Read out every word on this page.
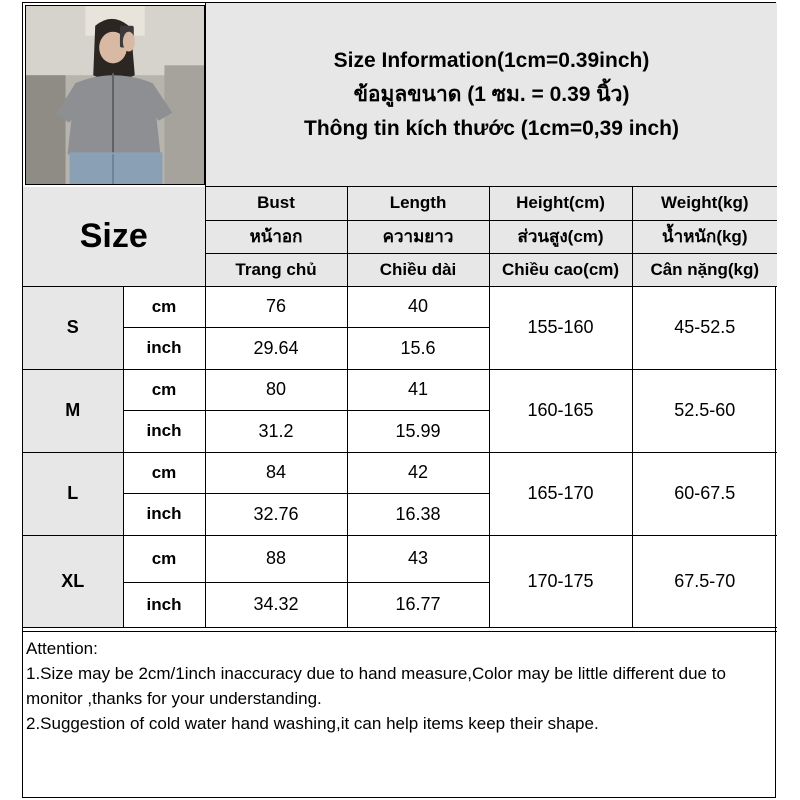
Size Information(1cm=0.39inch)
ข้อมูลขนาด (1 ซม. = 0.39 นิ้ว)
Thông tin kích thước (1cm=0,39 inch)
Size		Bust	Length	Height(cm)	Weight(kg)
		หน้าอก	ความยาว	ส่วนสูง(cm)	น้ำหนัก(kg)
		Trang chủ	Chiều dài	Chiều cao(cm)	Cân nặng(kg)
S	cm	76	40	155-160	45-52.5
	inch	29.64	15.6		
M	cm	80	41	160-165	52.5-60
	inch	31.2	15.99		
L	cm	84	42	165-170	60-67.5
	inch	32.76	16.38		
XL	cm	88	43	170-175	67.5-70
	inch	34.32	16.77		

Attention:

1.Size may be 2cm/1inch inaccuracy due to hand measure,Color may be little different due to monitor ,thanks for your understanding.

2.Suggestion of cold water hand washing,it can help items keep their shape.
